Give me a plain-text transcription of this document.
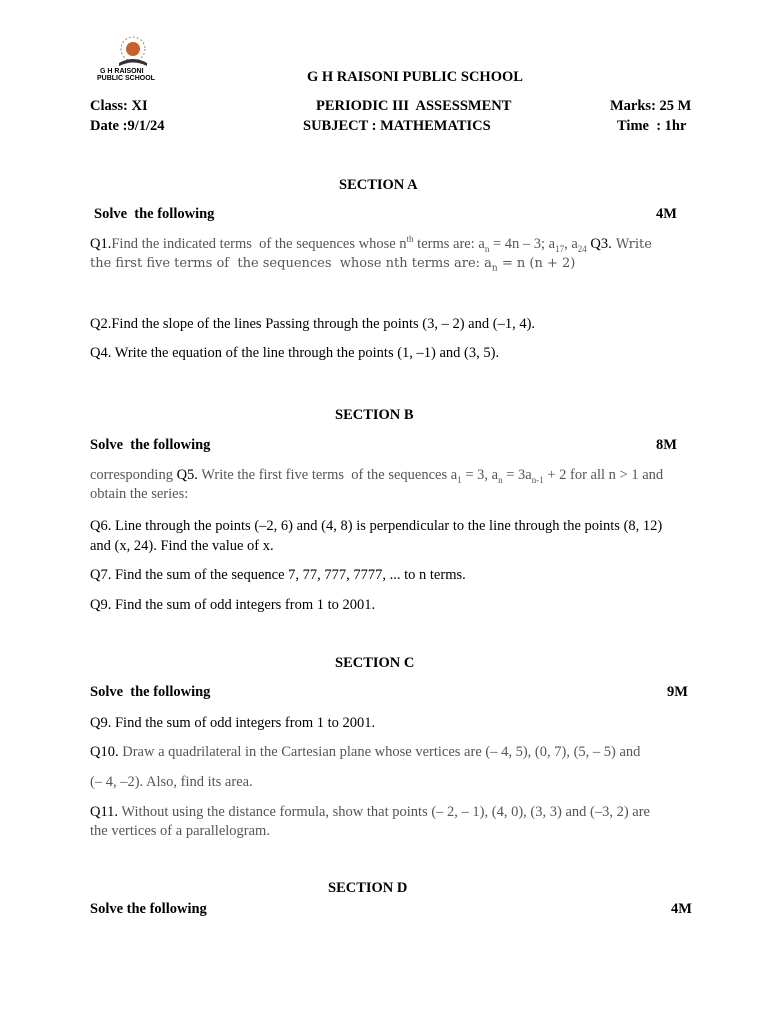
G H RAISONI
PUBLIC SCHOOL	G H RAISONI PUBLIC SCHOOL
Class: XI	PERIODIC III  ASSESSMENT	Marks: 25 M
Date :9/1/24	SUBJECT : MATHEMATICS	Time  : 1hr
SECTION A
Solve  the following	4M
Q1.Find the indicated terms  of the sequences whose $n^{th}$ terms are: $a_n = 4n - 3$; $a_{17}$, $a_{24}$ Q3. Write
the first five terms of  the sequences  whose nth terms are: $a_n = n$ (n + 2)
Q2.Find the slope of the lines Passing through the points (3, – 2) and (–1, 4).
Q4. Write the equation of the line through the points (1, –1) and (3, 5).
SECTION B
Solve  the following	8M
corresponding Q5. Write the first five terms  of the sequences $a_1 = 3$, $a_n = 3a_{n-1} + 2$ for all n > 1 and
obtain the series:
Q6. Line through the points (–2, 6) and (4, 8) is perpendicular to the line through the points (8, 12)
and (x, 24). Find the value of x.
Q7. Find the sum of the sequence 7, 77, 777, 7777, ... to n terms.
Q9. Find the sum of odd integers from 1 to 2001.
SECTION C
Solve  the following	9M
Q9. Find the sum of odd integers from 1 to 2001.
Q10. Draw a quadrilateral in the Cartesian plane whose vertices are (– 4, 5), (0, 7), (5, – 5) and
(– 4, –2). Also, find its area.
Q11. Without using the distance formula, show that points (– 2, – 1), (4, 0), (3, 3) and (–3, 2) are
the vertices of a parallelogram.
SECTION D
Solve the following	4M
